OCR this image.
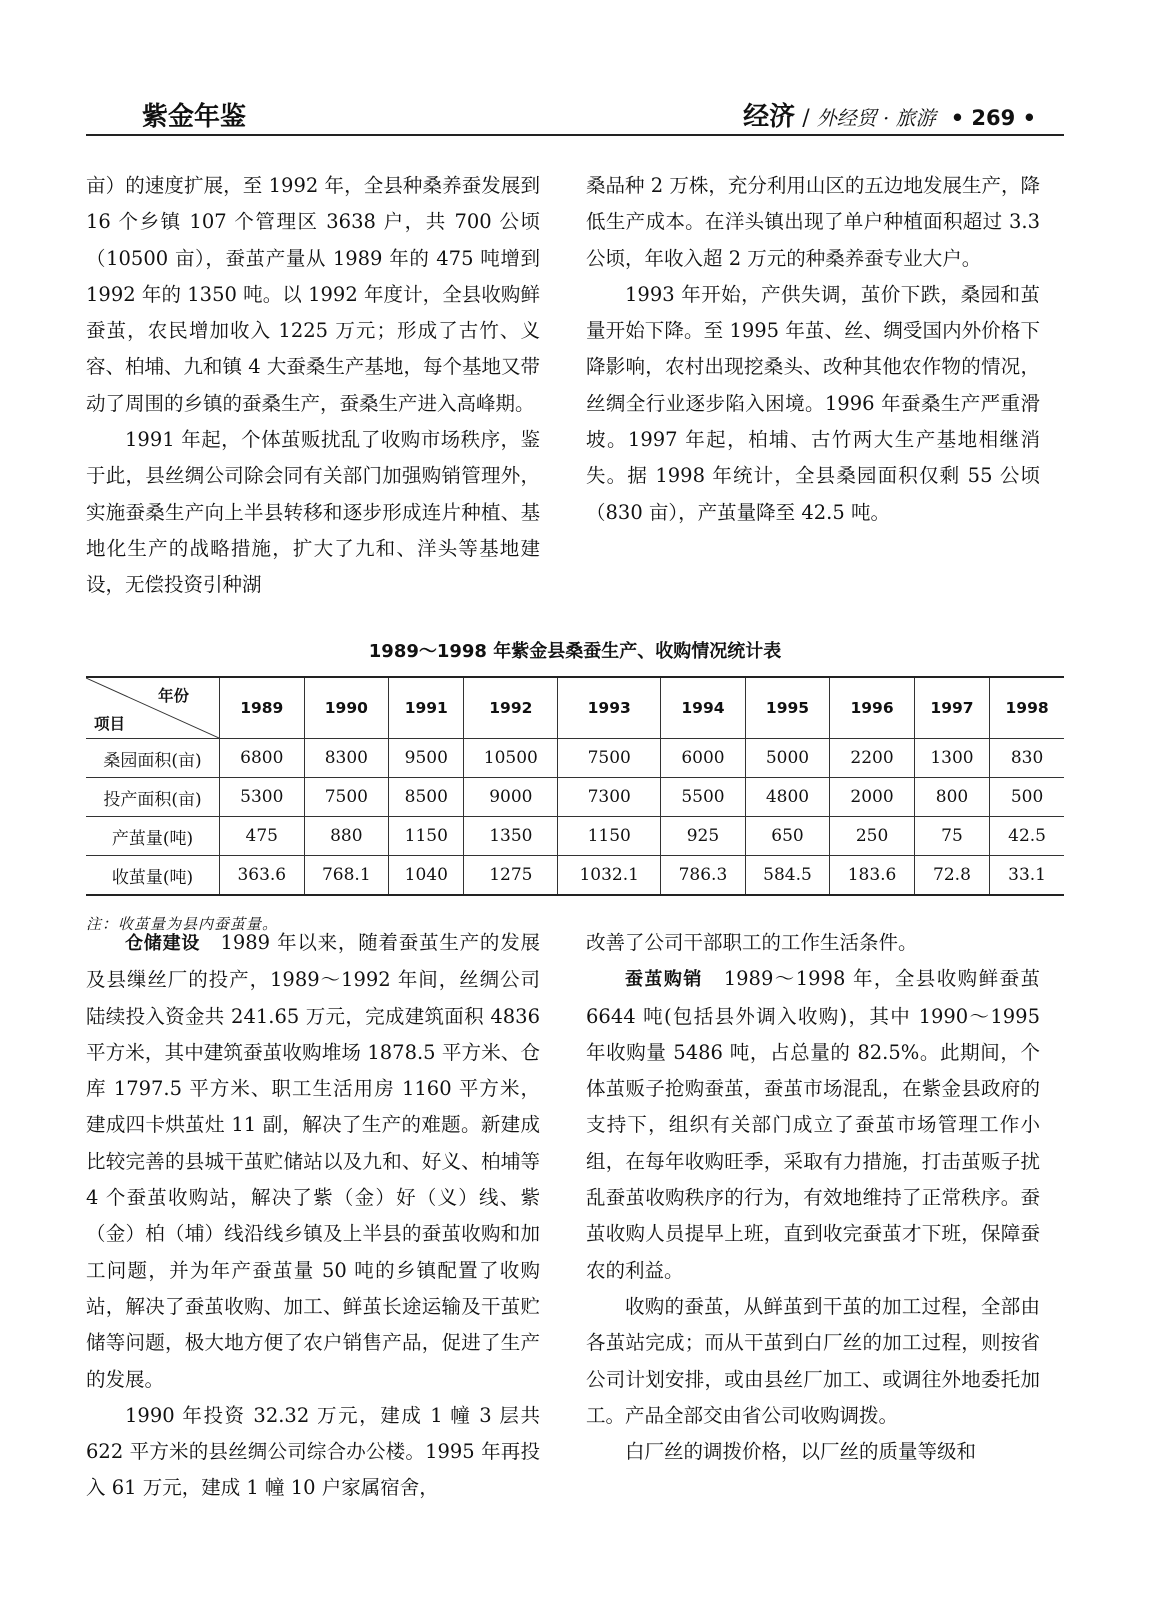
紫金年鉴	经济 / 外经贸 · 旅游 • 269 •

亩）的速度扩展，至 1992 年，全县种桑养蚕发展到 16 个乡镇 107 个管理区 3638 户，共 700 公顷（10500 亩），蚕茧产量从 1989 年的 475 吨增到 1992 年的 1350 吨。以 1992 年度计，全县收购鲜蚕茧，农民增加收入 1225 万元；形成了古竹、义容、柏埔、九和镇 4 大蚕桑生产基地，每个基地又带动了周围的乡镇的蚕桑生产，蚕桑生产进入高峰期。

1991 年起，个体茧贩扰乱了收购市场秩序，鉴于此，县丝绸公司除会同有关部门加强购销管理外，实施蚕桑生产向上半县转移和逐步形成连片种植、基地化生产的战略措施，扩大了九和、洋头等基地建设，无偿投资引种湖

桑品种 2 万株，充分利用山区的五边地发展生产，降低生产成本。在洋头镇出现了单户种植面积超过 3.3 公顷，年收入超 2 万元的种桑养蚕专业大户。

1993 年开始，产供失调，茧价下跌，桑园和茧量开始下降。至 1995 年茧、丝、绸受国内外价格下降影响，农村出现挖桑头、改种其他农作物的情况，丝绸全行业逐步陷入困境。1996 年蚕桑生产严重滑坡。1997 年起，柏埔、古竹两大生产基地相继消失。据 1998 年统计，全县桑园面积仅剩 55 公顷（830 亩），产茧量降至 42.5 吨。

1989～1998 年紫金县桑蚕生产、收购情况统计表
年份
项目	1989	1990	1991	1992	1993	1994	1995	1996	1997	1998
桑园面积(亩)	6800	8300	9500	10500	7500	6000	5000	2200	1300	830
投产面积(亩)	5300	7500	8500	9000	7300	5500	4800	2000	800	500
产茧量(吨)	475	880	1150	1350	1150	925	650	250	75	42.5
收茧量(吨)	363.6	768.1	1040	1275	1032.1	786.3	584.5	183.6	72.8	33.1
注：收茧量为县内蚕茧量。

仓储建设　 1989 年以来，随着蚕茧生产的发展及县缫丝厂的投产，1989～1992 年间，丝绸公司陆续投入资金共 241.65 万元，完成建筑面积 4836 平方米，其中建筑蚕茧收购堆场 1878.5 平方米、仓库 1797.5 平方米、职工生活用房 1160 平方米，建成四卡烘茧灶 11 副，解决了生产的难题。新建成比较完善的县城干茧贮储站以及九和、好义、柏埔等 4 个蚕茧收购站，解决了紫（金）好（义）线、紫（金）柏（埔）线沿线乡镇及上半县的蚕茧收购和加工问题，并为年产蚕茧量 50 吨的乡镇配置了收购站，解决了蚕茧收购、加工、鲜茧长途运输及干茧贮储等问题，极大地方便了农户销售产品，促进了生产的发展。

1990 年投资 32.32 万元，建成 1 幢 3 层共 622 平方米的县丝绸公司综合办公楼。1995 年再投入 61 万元，建成 1 幢 10 户家属宿舍，

改善了公司干部职工的工作生活条件。

蚕茧购销　 1989～1998 年，全县收购鲜蚕茧 6644 吨(包括县外调入收购)，其中 1990～1995 年收购量 5486 吨，占总量的 82.5%。此期间，个体茧贩子抢购蚕茧，蚕茧市场混乱，在紫金县政府的支持下，组织有关部门成立了蚕茧市场管理工作小组，在每年收购旺季，采取有力措施，打击茧贩子扰乱蚕茧收购秩序的行为，有效地维持了正常秩序。蚕茧收购人员提早上班，直到收完蚕茧才下班，保障蚕农的利益。

收购的蚕茧，从鲜茧到干茧的加工过程，全部由各茧站完成；而从干茧到白厂丝的加工过程，则按省公司计划安排，或由县丝厂加工、或调往外地委托加工。产品全部交由省公司收购调拨。

白厂丝的调拨价格，以厂丝的质量等级和
